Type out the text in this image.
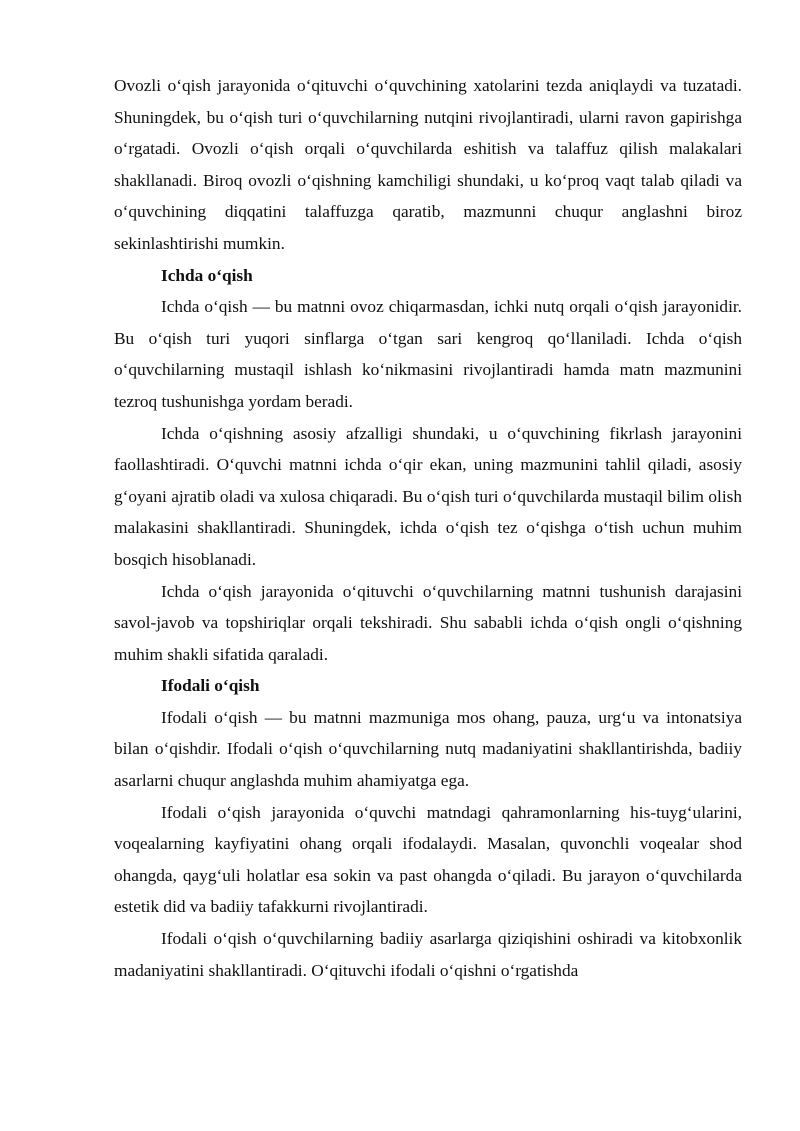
Ovozli o‘qish jarayonida o‘qituvchi o‘quvchining xatolarini tezda aniqlaydi va tuzatadi. Shuningdek, bu o‘qish turi o‘quvchilarning nutqini rivojlantiradi, ularni ravon gapirishga o‘rgatadi. Ovozli o‘qish orqali o‘quvchilarda eshitish va talaffuz qilish malakalari shakllanadi. Biroq ovozli o‘qishning kamchiligi shundaki, u ko‘proq vaqt talab qiladi va o‘quvchining diqqatini talaffuzga qaratib, mazmunni chuqur anglashni biroz sekinlashtirishi mumkin.

Ichda o‘qish

Ichda o‘qish — bu matnni ovoz chiqarmasdan, ichki nutq orqali o‘qish jarayonidir. Bu o‘qish turi yuqori sinflarga o‘tgan sari kengroq qo‘llaniladi. Ichda o‘qish o‘quvchilarning mustaqil ishlash ko‘nikmasini rivojlantiradi hamda matn mazmunini tezroq tushunishga yordam beradi.

Ichda o‘qishning asosiy afzalligi shundaki, u o‘quvchining fikrlash jarayonini faollashtiradi. O‘quvchi matnni ichda o‘qir ekan, uning mazmunini tahlil qiladi, asosiy g‘oyani ajratib oladi va xulosa chiqaradi. Bu o‘qish turi o‘quvchilarda mustaqil bilim olish malakasini shakllantiradi. Shuningdek, ichda o‘qish tez o‘qishga o‘tish uchun muhim bosqich hisoblanadi.

Ichda o‘qish jarayonida o‘qituvchi o‘quvchilarning matnni tushunish darajasini savol-javob va topshiriqlar orqali tekshiradi. Shu sababli ichda o‘qish ongli o‘qishning muhim shakli sifatida qaraladi.

Ifodali o‘qish

Ifodali o‘qish — bu matnni mazmuniga mos ohang, pauza, urg‘u va intonatsiya bilan o‘qishdir. Ifodali o‘qish o‘quvchilarning nutq madaniyatini shakllantirishda, badiiy asarlarni chuqur anglashda muhim ahamiyatga ega.

Ifodali o‘qish jarayonida o‘quvchi matndagi qahramonlarning his-tuyg‘ularini, voqealarning kayfiyatini ohang orqali ifodalaydi. Masalan, quvonchli voqealar shod ohangda, qayg‘uli holatlar esa sokin va past ohangda o‘qiladi. Bu jarayon o‘quvchilarda estetik did va badiiy tafakkurni rivojlantiradi.

Ifodali o‘qish o‘quvchilarning badiiy asarlarga qiziqishini oshiradi va kitobxonlik madaniyatini shakllantiradi. O‘qituvchi ifodali o‘qishni o‘rgatishda
